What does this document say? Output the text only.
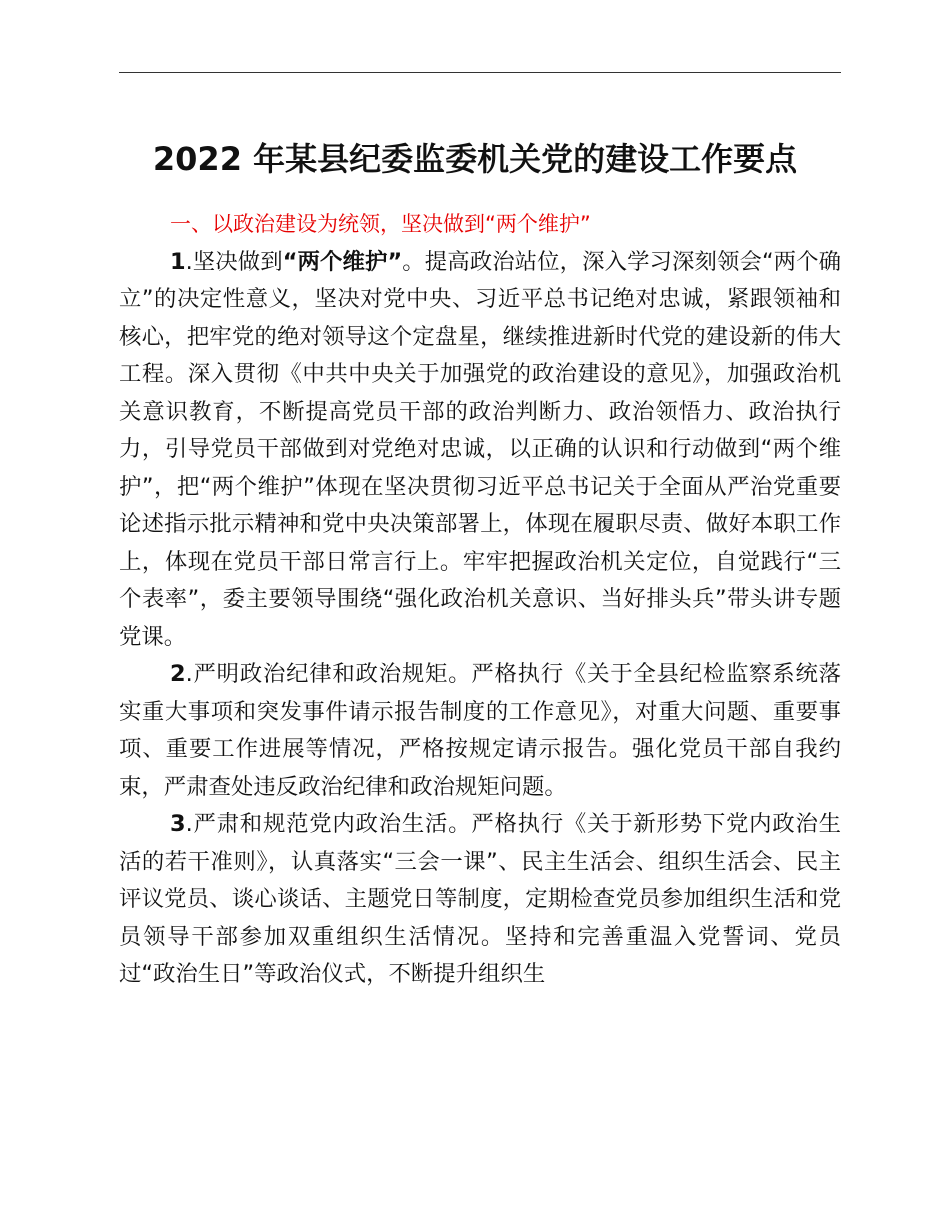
2022 年某县纪委监委机关党的建设工作要点

一、以政治建设为统领，坚决做到“两个维护”

1.坚决做到“两个维护”。提高政治站位，深入学习深刻领会“两个确立”的决定性意义，坚决对党中央、习近平总书记绝对忠诚，紧跟领袖和核心，把牢党的绝对领导这个定盘星，继续推进新时代党的建设新的伟大工程。深入贯彻《中共中央关于加强党的政治建设的意见》，加强政治机关意识教育，不断提高党员干部的政治判断力、政治领悟力、政治执行力，引导党员干部做到对党绝对忠诚，以正确的认识和行动做到“两个维护”，把“两个维护”体现在坚决贯彻习近平总书记关于全面从严治党重要论述指示批示精神和党中央决策部署上，体现在履职尽责、做好本职工作上，体现在党员干部日常言行上。牢牢把握政治机关定位，自觉践行“三个表率”，委主要领导围绕“强化政治机关意识、当好排头兵”带头讲专题党课。

2.严明政治纪律和政治规矩。严格执行《关于全县纪检监察系统落实重大事项和突发事件请示报告制度的工作意见》，对重大问题、重要事项、重要工作进展等情况，严格按规定请示报告。强化党员干部自我约束，严肃查处违反政治纪律和政治规矩问题。

3.严肃和规范党内政治生活。严格执行《关于新形势下党内政治生活的若干准则》，认真落实“三会一课”、民主生活会、组织生活会、民主评议党员、谈心谈话、主题党日等制度，定期检查党员参加组织生活和党员领导干部参加双重组织生活情况。坚持和完善重温入党誓词、党员过“政治生日”等政治仪式，不断提升组织生
